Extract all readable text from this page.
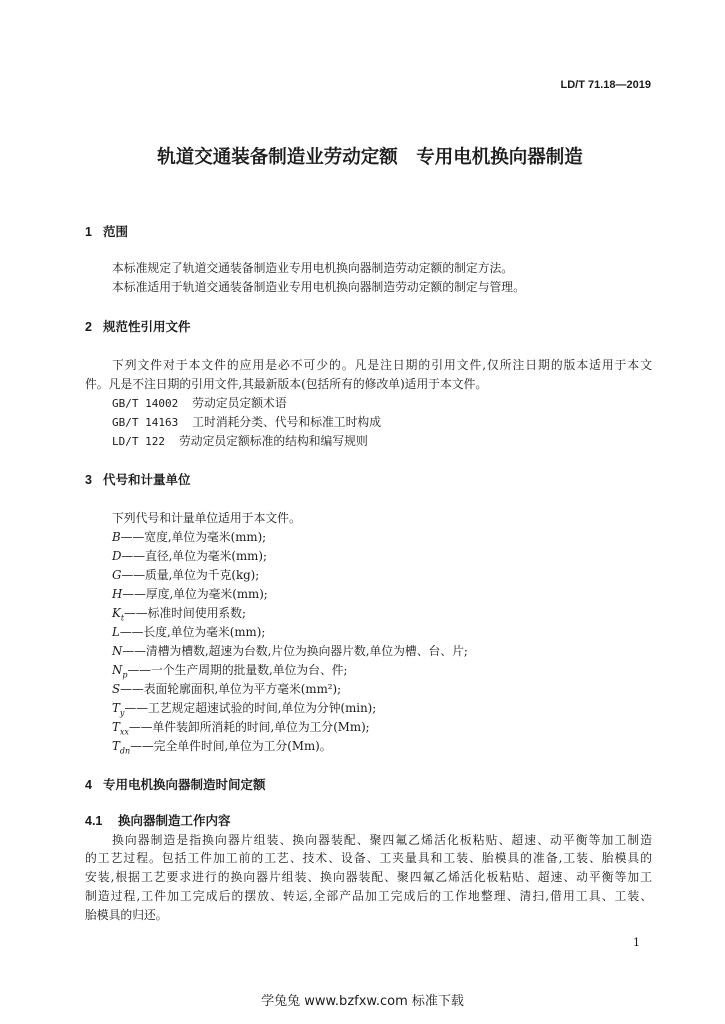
LD/T 71.18—2019
轨道交通装备制造业劳动定额　专用电机换向器制造
1 范围
本标准规定了轨道交通装备制造业专用电机换向器制造劳动定额的制定方法。
本标准适用于轨道交通装备制造业专用电机换向器制造劳动定额的制定与管理。
2 规范性引用文件
下列文件对于本文件的应用是必不可少的。凡是注日期的引用文件,仅所注日期的版本适用于本文
件。凡是不注日期的引用文件,其最新版本(包括所有的修改单)适用于本文件。
GB/T 14002 劳动定员定额术语
GB/T 14163 工时消耗分类、代号和标准工时构成
LD/T 122 劳动定员定额标准的结构和编写规则
3 代号和计量单位
下列代号和计量单位适用于本文件。
B——宽度,单位为毫米(mm);
D——直径,单位为毫米(mm);
G——质量,单位为千克(kg);
H——厚度,单位为毫米(mm);
$K_t——$标准时间使用系数;
L——长度,单位为毫米(mm);
N——清槽为槽数,超速为台数,片位为换向器片数,单位为槽、台、片;
$N_p——$一个生产周期的批量数,单位为台、件;
S——表面轮廓面积,单位为平方毫米(mm²);
$T_y——$工艺规定超速试验的时间,单位为分钟(min);
$T_{xx}——$单件装卸所消耗的时间,单位为工分(Mm);
$T_{dn}——$完全单件时间,单位为工分(Mm)。
4 专用电机换向器制造时间定额
4.1 换向器制造工作内容
换向器制造是指换向器片组装、换向器装配、聚四氟乙烯活化板粘贴、超速、动平衡等加工制造
的工艺过程。包括工件加工前的工艺、技术、设备、工夹量具和工装、胎模具的准备,工装、胎模具的
安装,根据工艺要求进行的换向器片组装、换向器装配、聚四氟乙烯活化板粘贴、超速、动平衡等加工
制造过程,工件加工完成后的摆放、转运,全部产品加工完成后的工作地整理、清扫,借用工具、工装、
胎模具的归还。
1
学兔兔 www.bzfxw.com 标准下载
